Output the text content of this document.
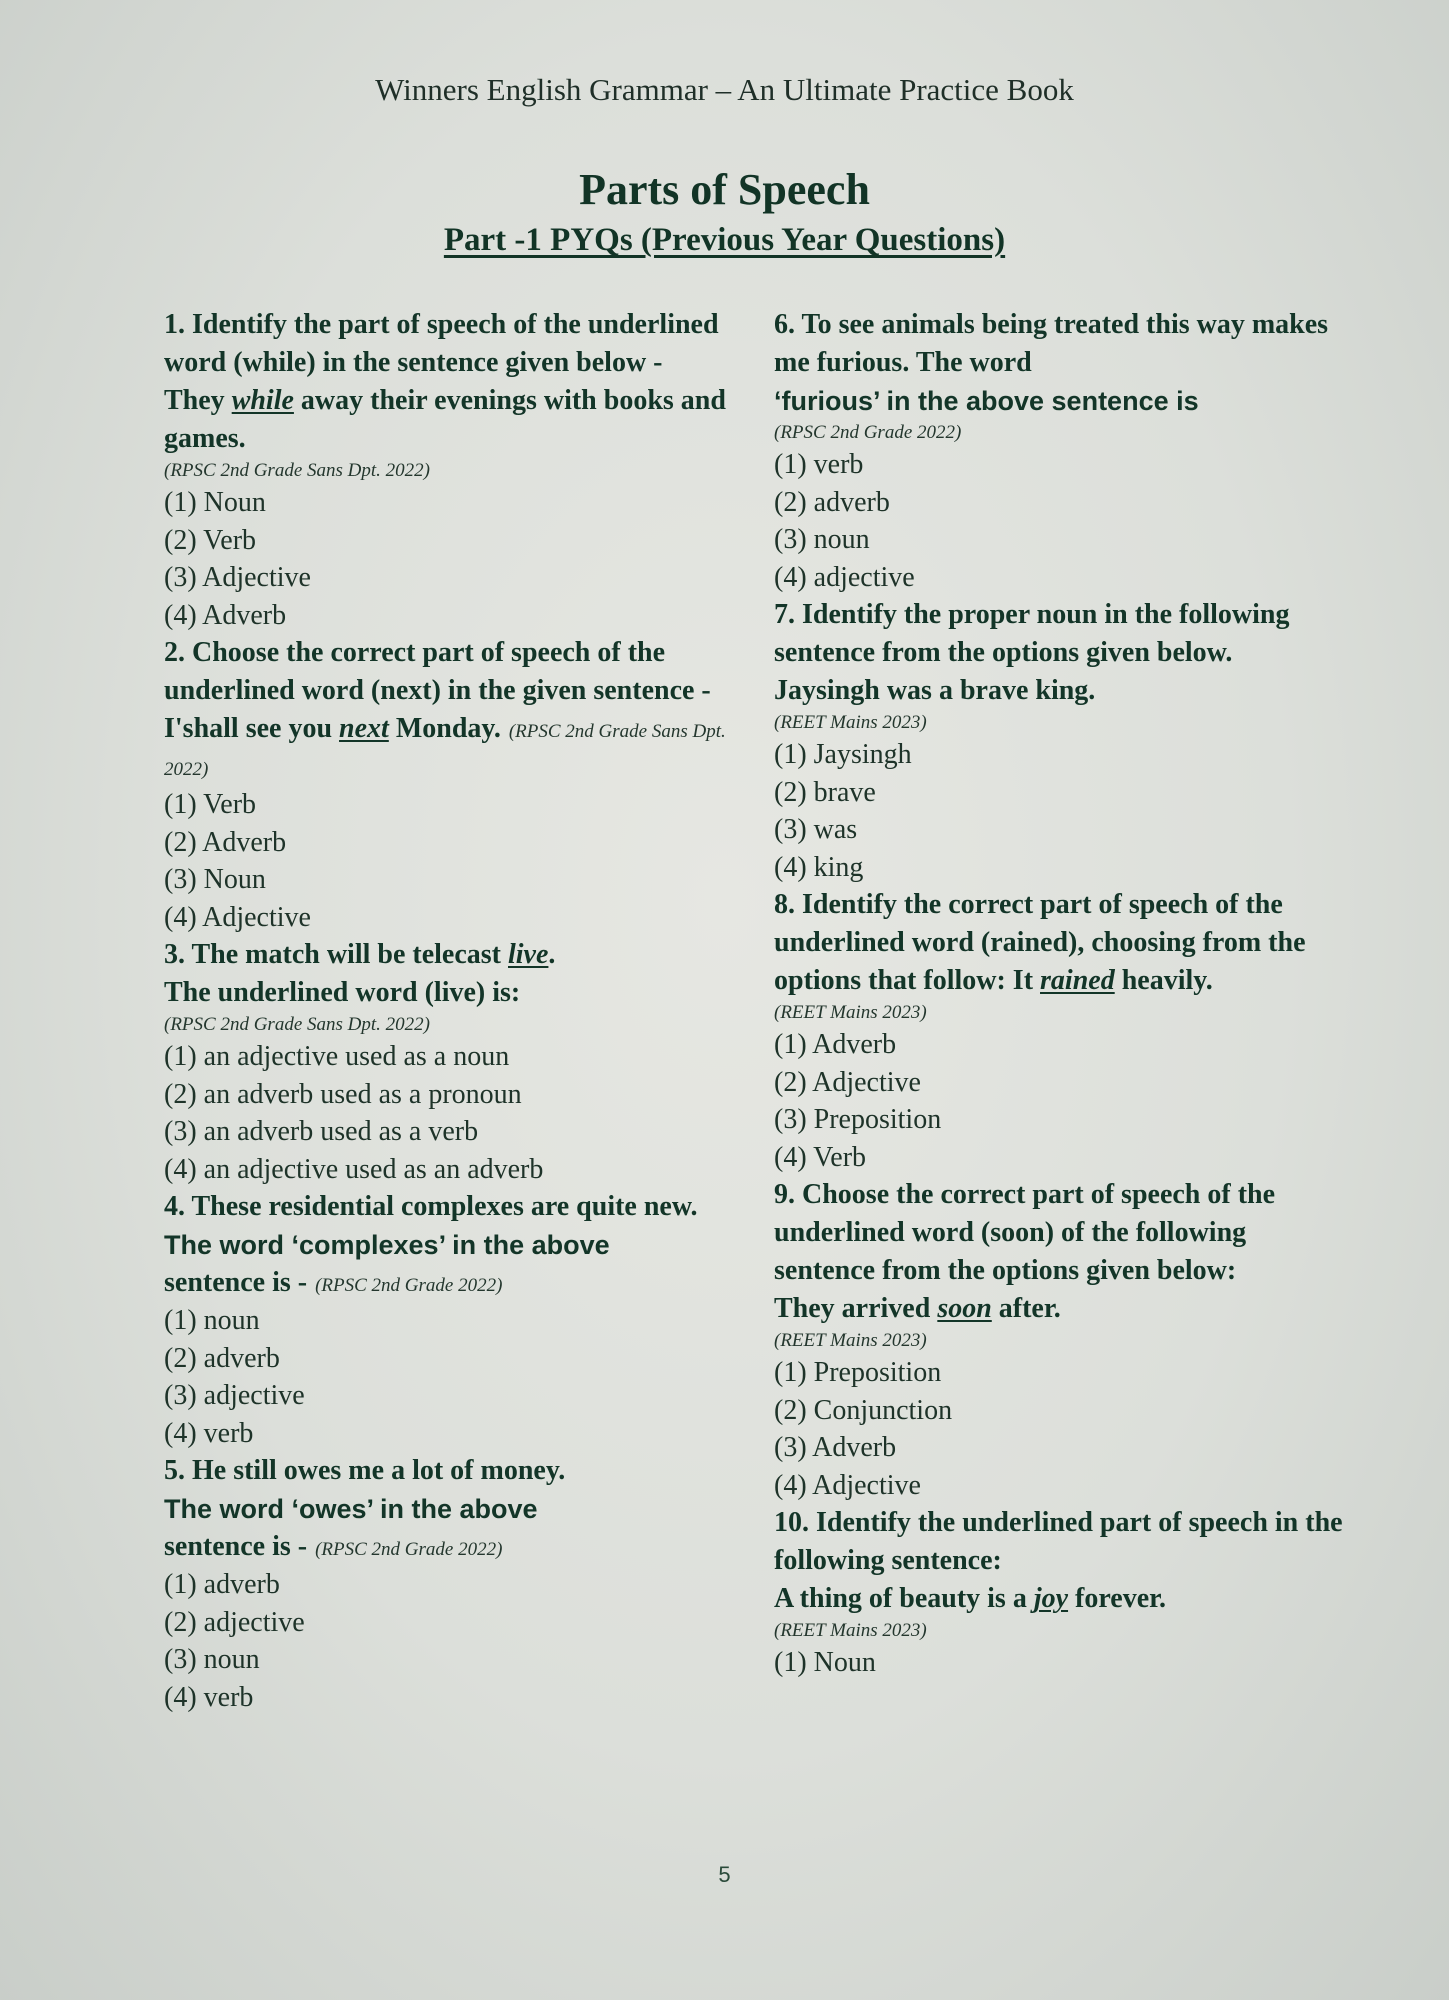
Winners English Grammar – An Ultimate Practice Book
Parts of Speech
Part -1 PYQs (Previous Year Questions)
1. Identify the part of speech of the underlined word (while) in the sentence given below -
They while away their evenings with books and games.
(RPSC 2nd Grade Sans Dpt. 2022)
(1) Noun
(2) Verb
(3) Adjective
(4) Adverb
2. Choose the correct part of speech of the underlined word (next) in the given sentence - I'shall see you next Monday. (RPSC 2nd Grade Sans Dpt. 2022)
(1) Verb
(2) Adverb
(3) Noun
(4) Adjective
3. The match will be telecast live.
The underlined word (live) is:
(RPSC 2nd Grade Sans Dpt. 2022)
(1) an adjective used as a noun
(2) an adverb used as a pronoun
(3) an adverb used as a verb
(4) an adjective used as an adverb
4. These residential complexes are quite new.
The word ‘complexes’ in the above
sentence is - (RPSC 2nd Grade 2022)
(1) noun
(2) adverb
(3) adjective
(4) verb
5. He still owes me a lot of money.
The word ‘owes’ in the above
sentence is - (RPSC 2nd Grade 2022)
(1) adverb
(2) adjective
(3) noun
(4) verb
6. To see animals being treated this way makes me furious. The word
‘furious’ in the above sentence is
(RPSC 2nd Grade 2022)
(1) verb
(2) adverb
(3) noun
(4) adjective
7. Identify the proper noun in the following sentence from the options given below.
Jaysingh was a brave king.
(REET Mains 2023)
(1) Jaysingh
(2) brave
(3) was
(4) king
8. Identify the correct part of speech of the underlined word (rained), choosing from the options that follow: It rained heavily.
(REET Mains 2023)
(1) Adverb
(2) Adjective
(3) Preposition
(4) Verb
9. Choose the correct part of speech of the underlined word (soon) of the following sentence from the options given below:
They arrived soon after.
(REET Mains 2023)
(1) Preposition
(2) Conjunction
(3) Adverb
(4) Adjective
10. Identify the underlined part of speech in the following sentence:
A thing of beauty is a joy forever.
(REET Mains 2023)
(1) Noun
5
